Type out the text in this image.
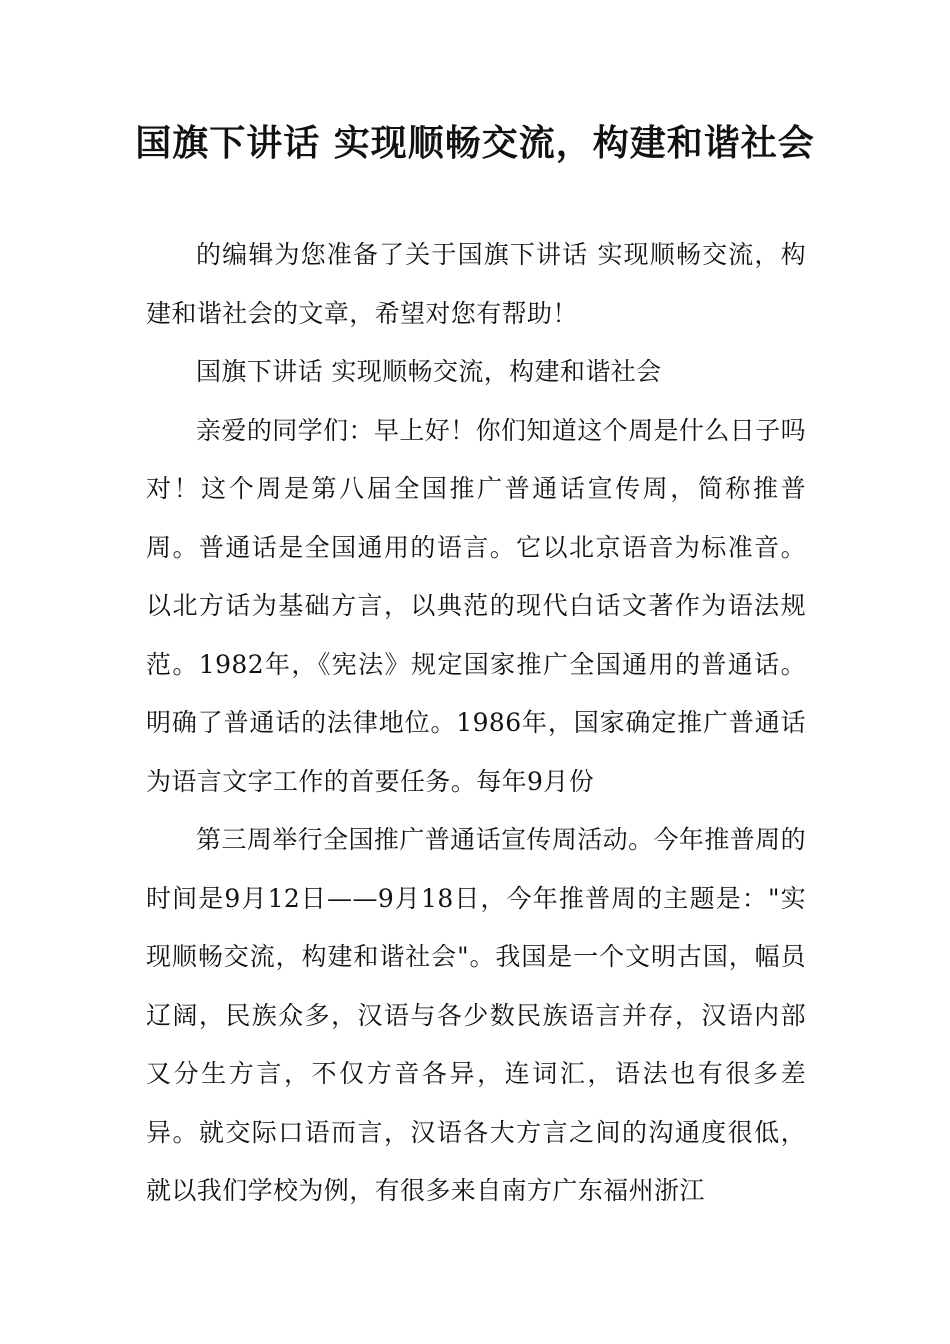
国旗下讲话 实现顺畅交流，构建和谐社会

的编辑为您准备了关于国旗下讲话 实现顺畅交流，构建和谐社会的文章，希望对您有帮助！

国旗下讲话 实现顺畅交流，构建和谐社会

亲爱的同学们：早上好！你们知道这个周是什么日子吗 对！这个周是第八届全国推广普通话宣传周，简称推普周。普通话是全国通用的语言。它以北京语音为标准音。以北方话为基础方言，以典范的现代白话文著作为语法规范。1982年，《宪法》规定国家推广全国通用的普通话。明确了普通话的法律地位。1986年，国家确定推广普通话为语言文字工作的首要任务。每年9月份

第三周举行全国推广普通话宣传周活动。今年推普周的时间是9月12日——9月18日，今年推普周的主题是："实现顺畅交流，构建和谐社会"。我国是一个文明古国，幅员辽阔，民族众多，汉语与各少数民族语言并存，汉语内部又分生方言，不仅方音各异，连词汇，语法也有很多差异。就交际口语而言，汉语各大方言之间的沟通度很低，就以我们学校为例，有很多来自南方广东福州浙江
